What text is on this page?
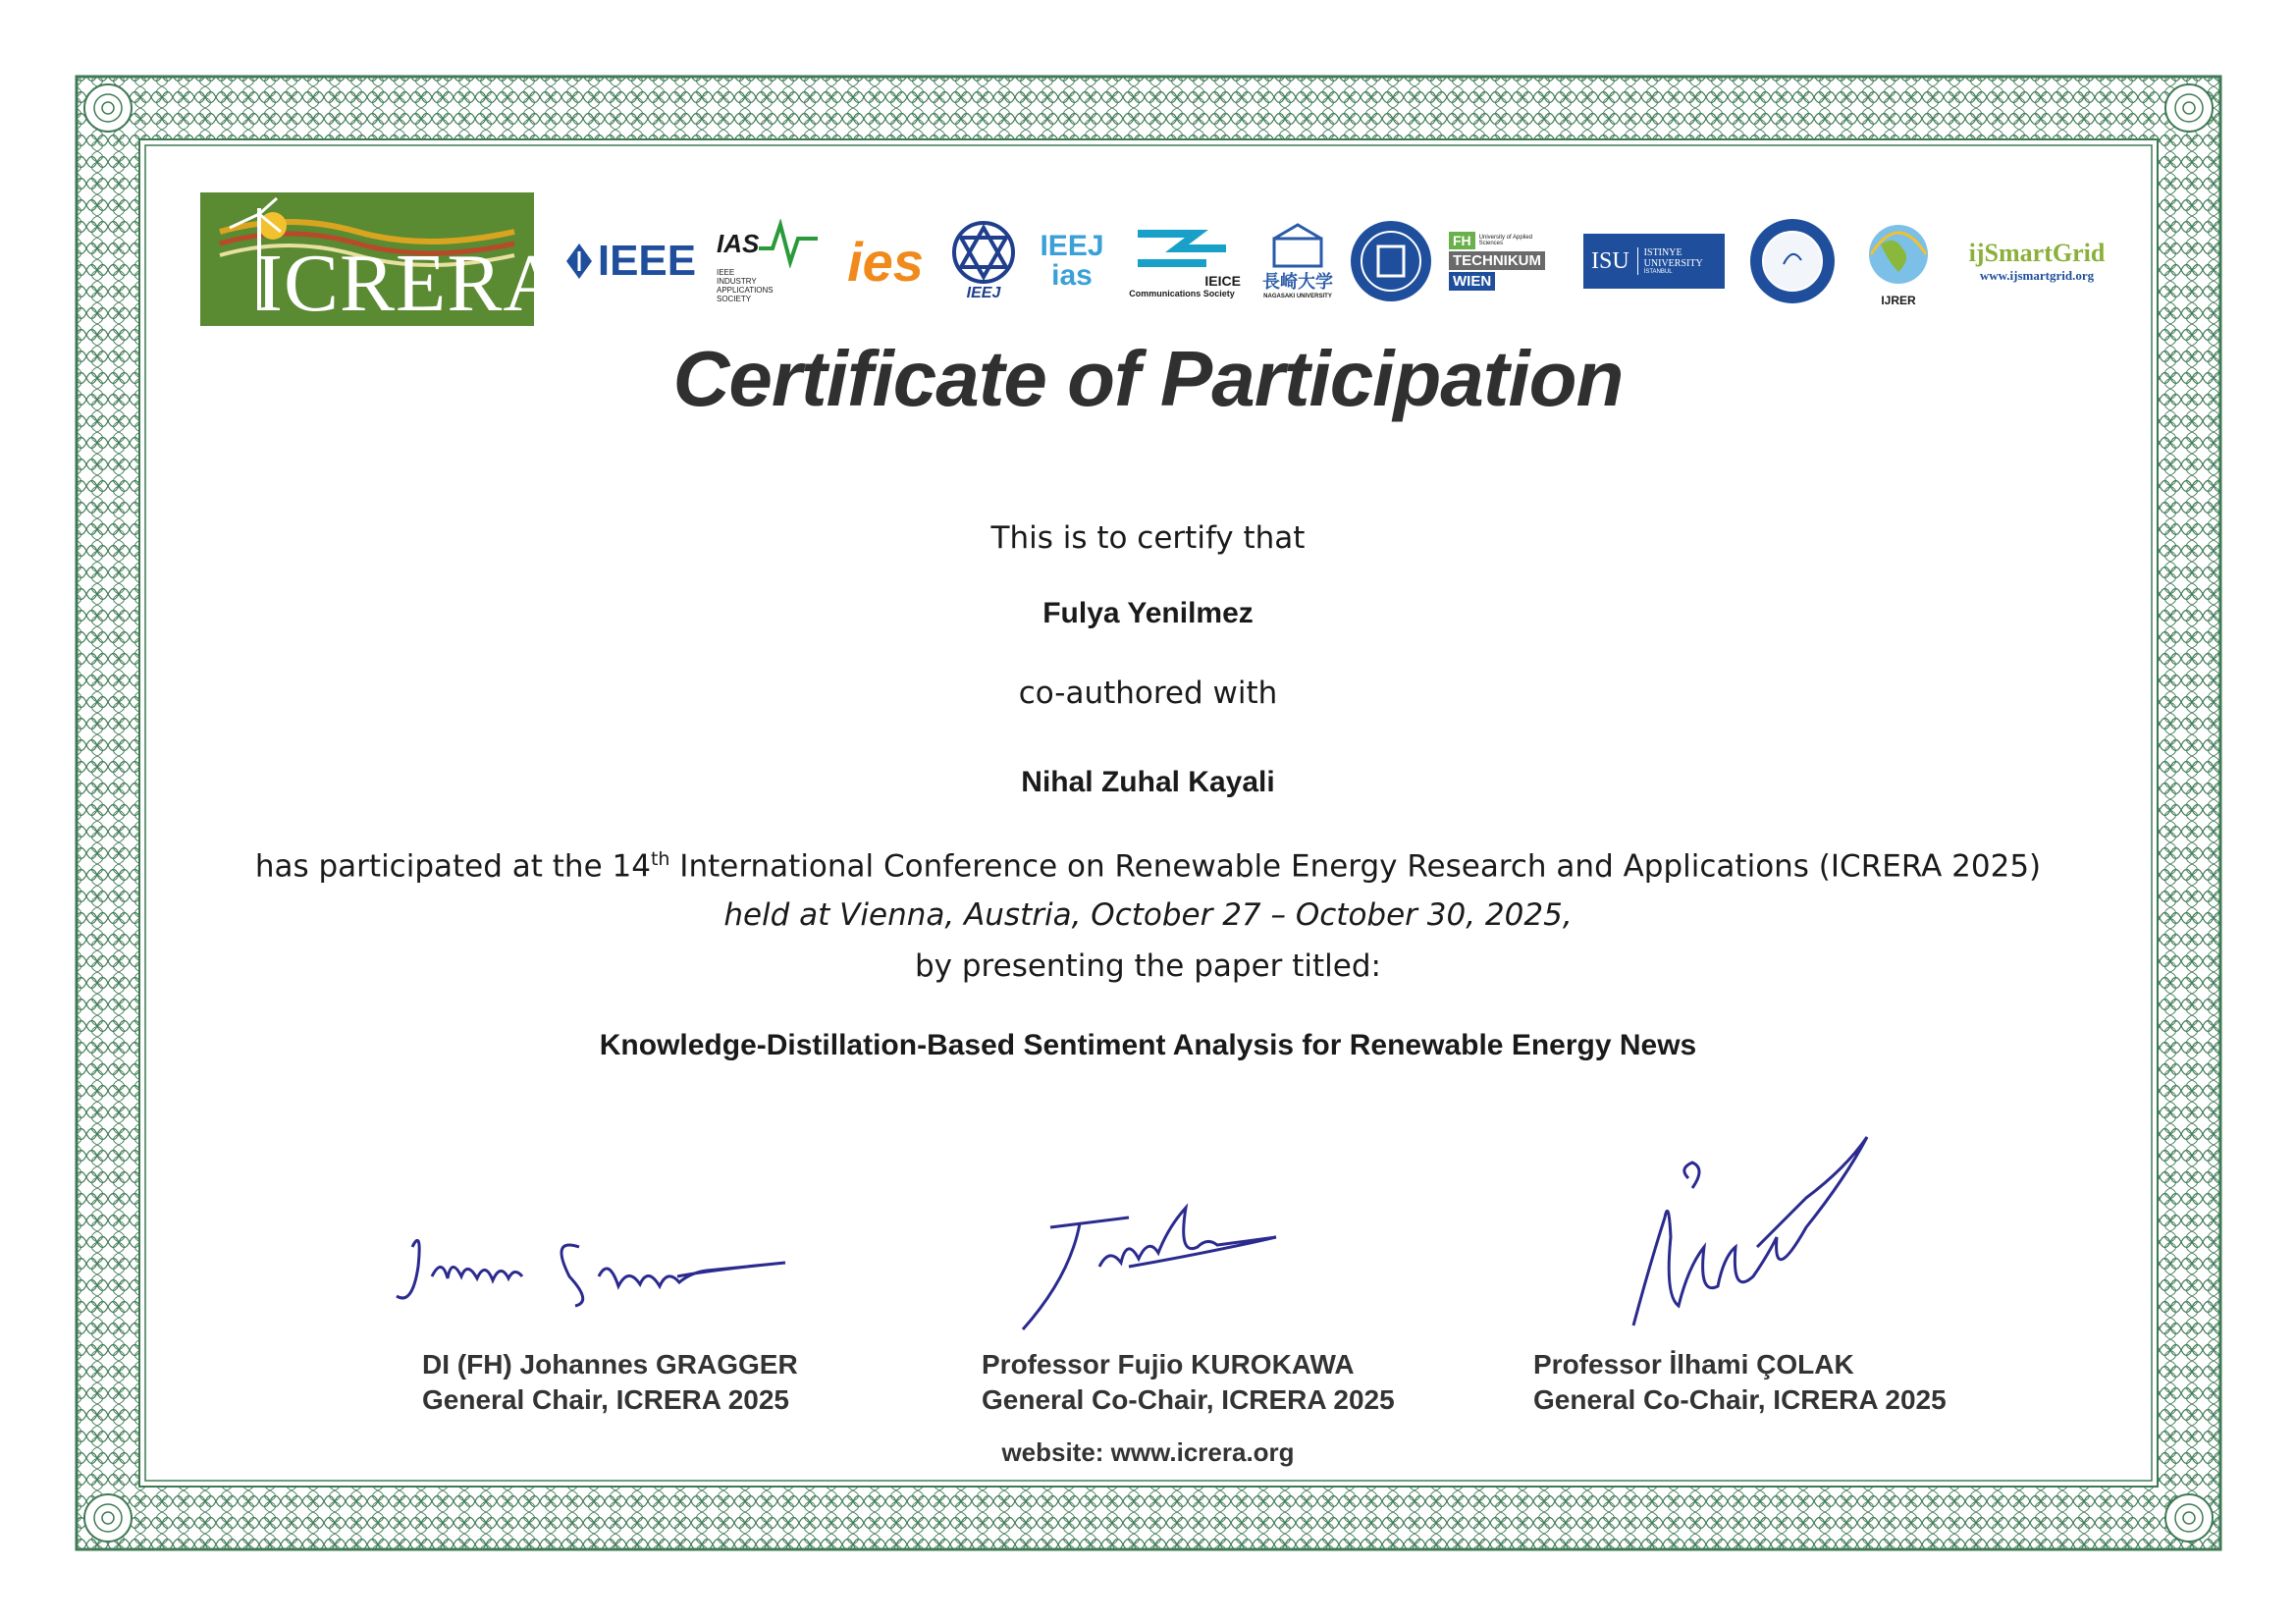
ICRERA IEEE IAS
IEEE INDUSTRY APPLICATIONS SOCIETY
ies
IEEJ
IEEJ ias	IEICE
Communications Society
長崎大学
NAGASAKI UNIVERSITY
FH	University of Applied Sciences
TECHNIKUM
WIEN
ISU ISTINYE UNIVERSITY
İSTANBUL
IJRER
ijSmartGrid
www.ijsmartgrid.org
Certificate of Participation
This is to certify that
Fulya Yenilmez
co-authored with
Nihal Zuhal Kayali
has participated at the 14th International Conference on Renewable Energy Research and Applications (ICRERA 2025)
held at Vienna, Austria, October 27 – October 30, 2025,
by presenting the paper titled:
Knowledge-Distillation-Based Sentiment Analysis for Renewable Energy News
DI (FH) Johannes GRAGGER
General Chair, ICRERA 2025
Professor Fujio KUROKAWA
General Co-Chair, ICRERA 2025
Professor İlhami ÇOLAK
General Co-Chair, ICRERA 2025
website: www.icrera.org
